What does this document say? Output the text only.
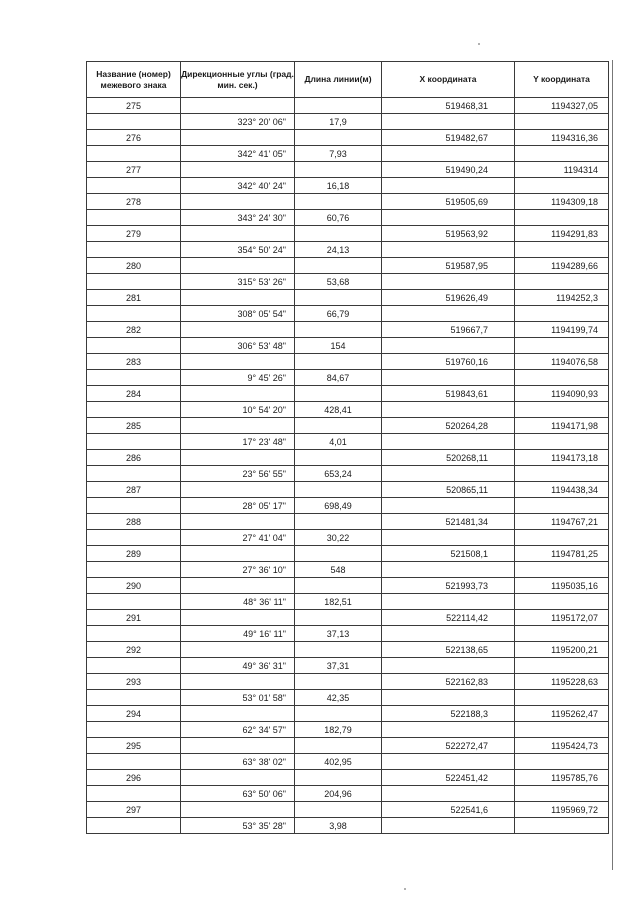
Название (номер) межевого знака	Дирекционные углы (град. мин. сек.)	Длина линии(м)	X координата	Y координата
275			519468,31	1194327,05
	323° 20' 06"	17,9		
276			519482,67	1194316,36
	342° 41' 05"	7,93		
277			519490,24	1194314
	342° 40' 24"	16,18		
278			519505,69	1194309,18
	343° 24' 30"	60,76		
279			519563,92	1194291,83
	354° 50' 24"	24,13		
280			519587,95	1194289,66
	315° 53' 26"	53,68		
281			519626,49	1194252,3
	308° 05' 54"	66,79		
282			519667,7	1194199,74
	306° 53' 48"	154		
283			519760,16	1194076,58
	9° 45' 26"	84,67		
284			519843,61	1194090,93
	10° 54' 20"	428,41		
285			520264,28	1194171,98
	17° 23' 48"	4,01		
286			520268,11	1194173,18
	23° 56' 55"	653,24		
287			520865,11	1194438,34
	28° 05' 17"	698,49		
288			521481,34	1194767,21
	27° 41' 04"	30,22		
289			521508,1	1194781,25
	27° 36' 10"	548		
290			521993,73	1195035,16
	48° 36' 11"	182,51		
291			522114,42	1195172,07
	49° 16' 11"	37,13		
292			522138,65	1195200,21
	49° 36' 31"	37,31		
293			522162,83	1195228,63
	53° 01' 58"	42,35		
294			522188,3	1195262,47
	62° 34' 57"	182,79		
295			522272,47	1195424,73
	63° 38' 02"	402,95		
296			522451,42	1195785,76
	63° 50' 06"	204,96		
297			522541,6	1195969,72
	53° 35' 28"	3,98		
